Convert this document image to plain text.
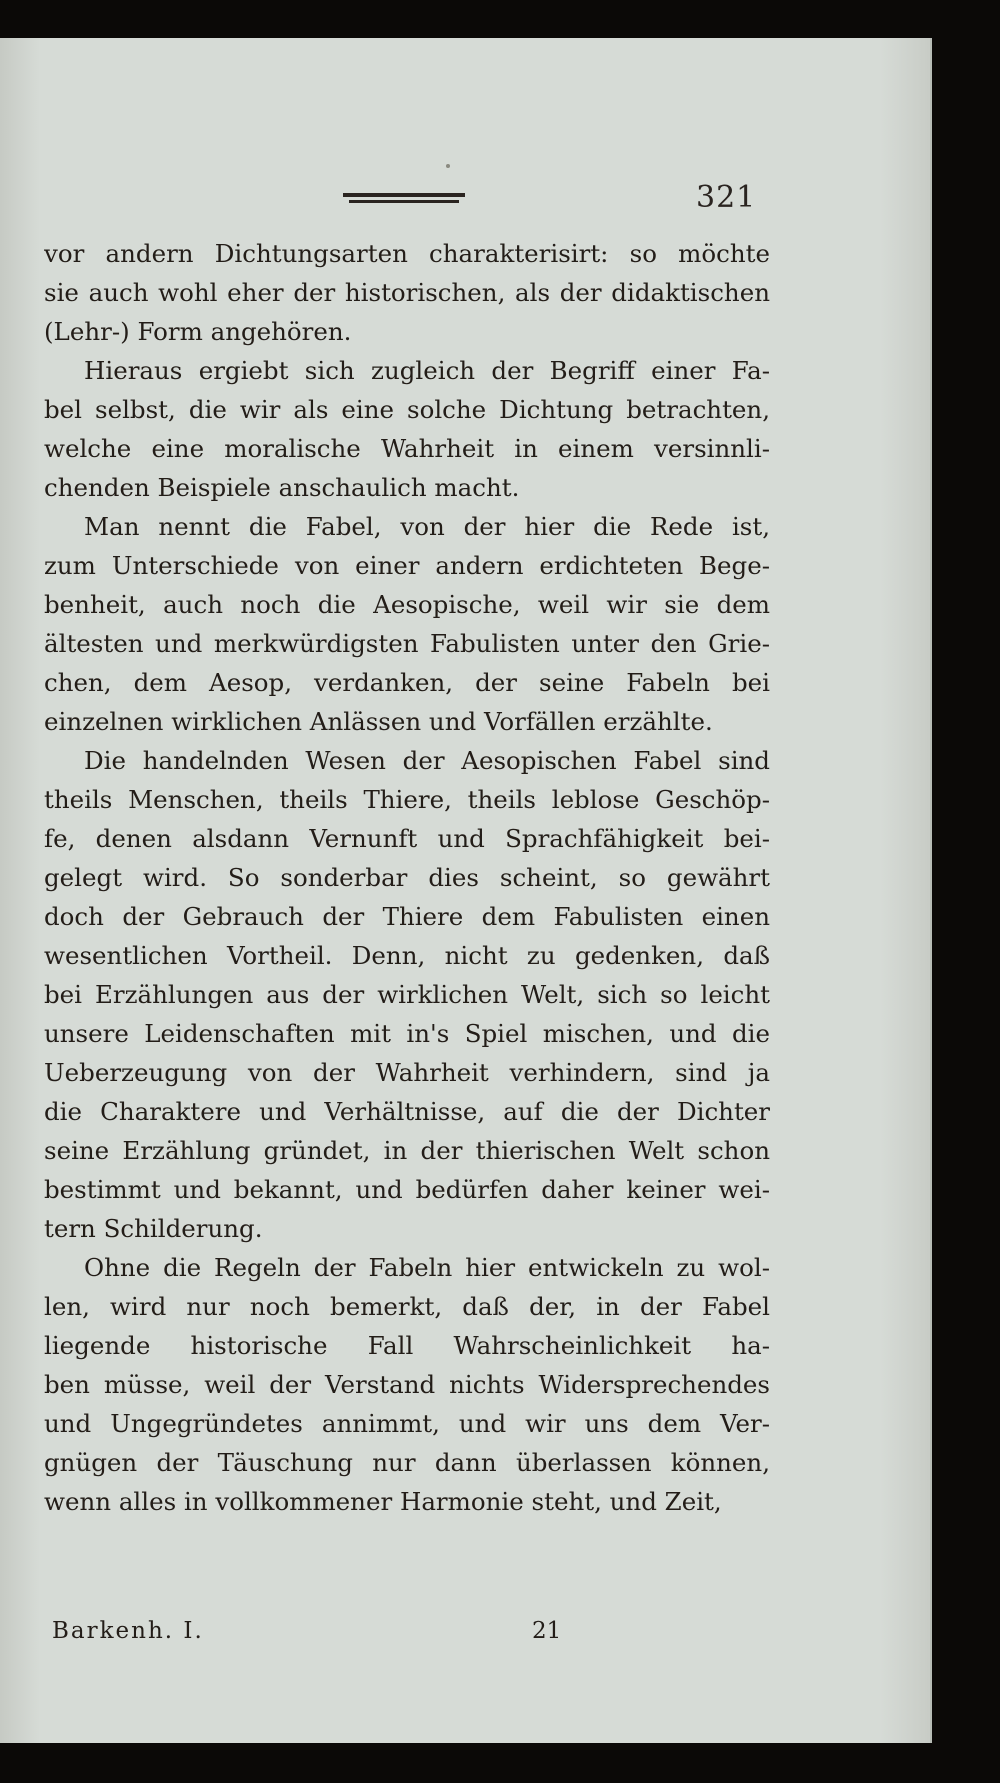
321
vor andern Dichtungsarten charakterisirt: so möchte
sie auch wohl eher der historischen, als der didaktischen
(Lehr-) Form angehören.
Hieraus ergiebt sich zugleich der Begriff einer Fa-
bel selbst, die wir als eine solche Dichtung betrachten,
welche eine moralische Wahrheit in einem versinnli-
chenden Beispiele anschaulich macht.
Man nennt die Fabel, von der hier die Rede ist,
zum Unterschiede von einer andern erdichteten Bege-
benheit, auch noch die Aesopische, weil wir sie dem
ältesten und merkwürdigsten Fabulisten unter den Grie-
chen, dem Aesop, verdanken, der seine Fabeln bei
einzelnen wirklichen Anlässen und Vorfällen erzählte.
Die handelnden Wesen der Aesopischen Fabel sind
theils Menschen, theils Thiere, theils leblose Geschöp-
fe, denen alsdann Vernunft und Sprachfähigkeit bei-
gelegt wird. So sonderbar dies scheint, so gewährt
doch der Gebrauch der Thiere dem Fabulisten einen
wesentlichen Vortheil. Denn, nicht zu gedenken, daß
bei Erzählungen aus der wirklichen Welt, sich so leicht
unsere Leidenschaften mit in's Spiel mischen, und die
Ueberzeugung von der Wahrheit verhindern, sind ja
die Charaktere und Verhältnisse, auf die der Dichter
seine Erzählung gründet, in der thierischen Welt schon
bestimmt und bekannt, und bedürfen daher keiner wei-
tern Schilderung.
Ohne die Regeln der Fabeln hier entwickeln zu wol-
len, wird nur noch bemerkt, daß der, in der Fabel
liegende historische Fall Wahrscheinlichkeit ha-
ben müsse, weil der Verstand nichts Widersprechendes
und Ungegründetes annimmt, und wir uns dem Ver-
gnügen der Täuschung nur dann überlassen können,
wenn alles in vollkommener Harmonie steht, und Zeit,
Barkenh. I.	21
